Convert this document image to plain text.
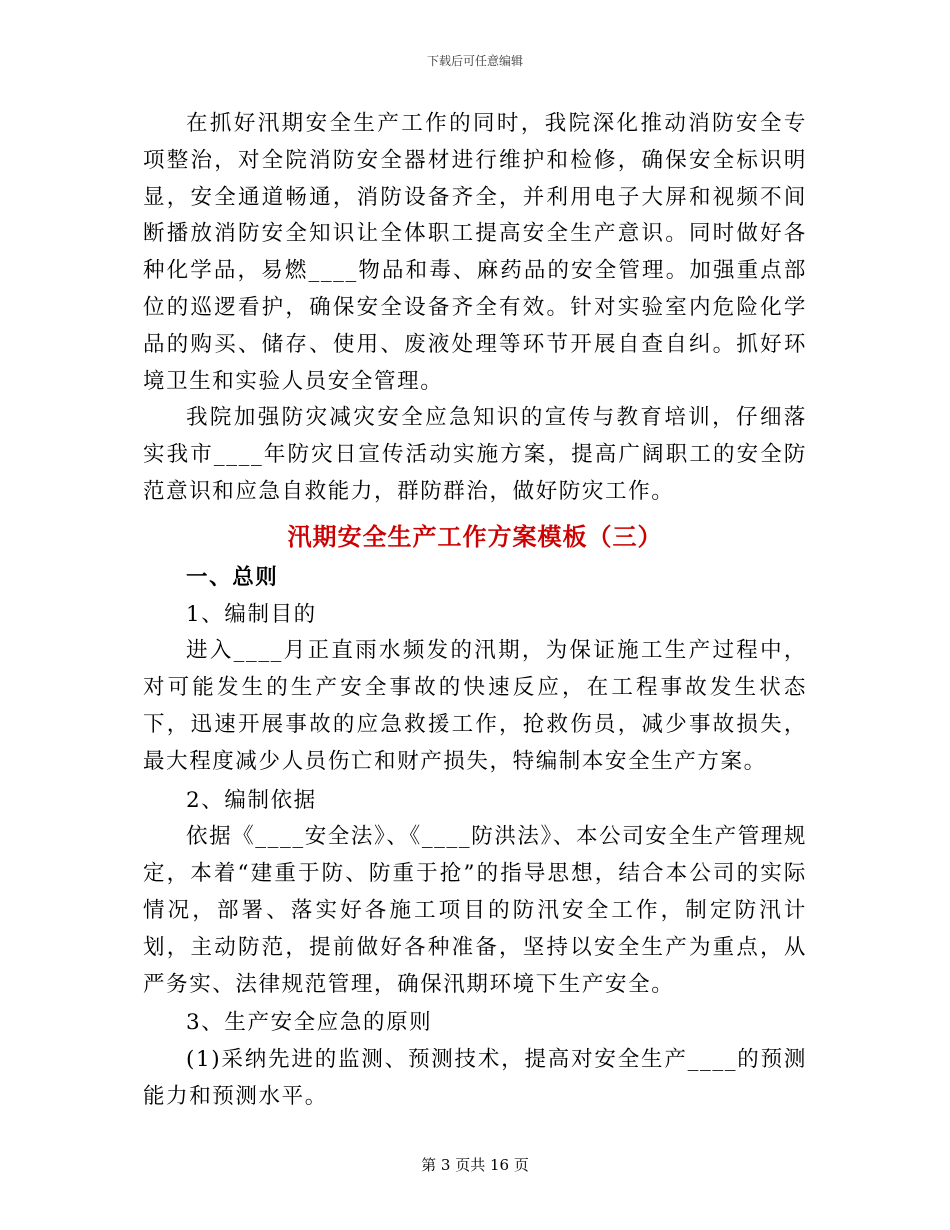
下载后可任意编辑

在抓好汛期安全生产工作的同时，我院深化推动消防安全专项整治，对全院消防安全器材进行维护和检修，确保安全标识明显，安全通道畅通，消防设备齐全，并利用电子大屏和视频不间断播放消防安全知识让全体职工提高安全生产意识。同时做好各种化学品，易燃____物品和毒、麻药品的安全管理。加强重点部位的巡逻看护，确保安全设备齐全有效。针对实验室内危险化学品的购买、储存、使用、废液处理等环节开展自查自纠。抓好环境卫生和实验人员安全管理。

我院加强防灾减灾安全应急知识的宣传与教育培训，仔细落实我市____年防灾日宣传活动实施方案，提高广阔职工的安全防范意识和应急自救能力，群防群治，做好防灾工作。

汛期安全生产工作方案模板（三）

一、总则

1、编制目的

进入____月正直雨水频发的汛期，为保证施工生产过程中，对可能发生的生产安全事故的快速反应，在工程事故发生状态下，迅速开展事故的应急救援工作，抢救伤员，减少事故损失，最大程度减少人员伤亡和财产损失，特编制本安全生产方案。

2、编制依据

依据《____安全法》、《____防洪法》、本公司安全生产管理规定，本着“建重于防、防重于抢”的指导思想，结合本公司的实际情况，部署、落实好各施工项目的防汛安全工作，制定防汛计划，主动防范，提前做好各种准备，坚持以安全生产为重点，从严务实、法律规范管理，确保汛期环境下生产安全。

3、生产安全应急的原则

(1)采纳先进的监测、预测技术，提高对安全生产____的预测能力和预测水平。

第 3 页共 16 页
